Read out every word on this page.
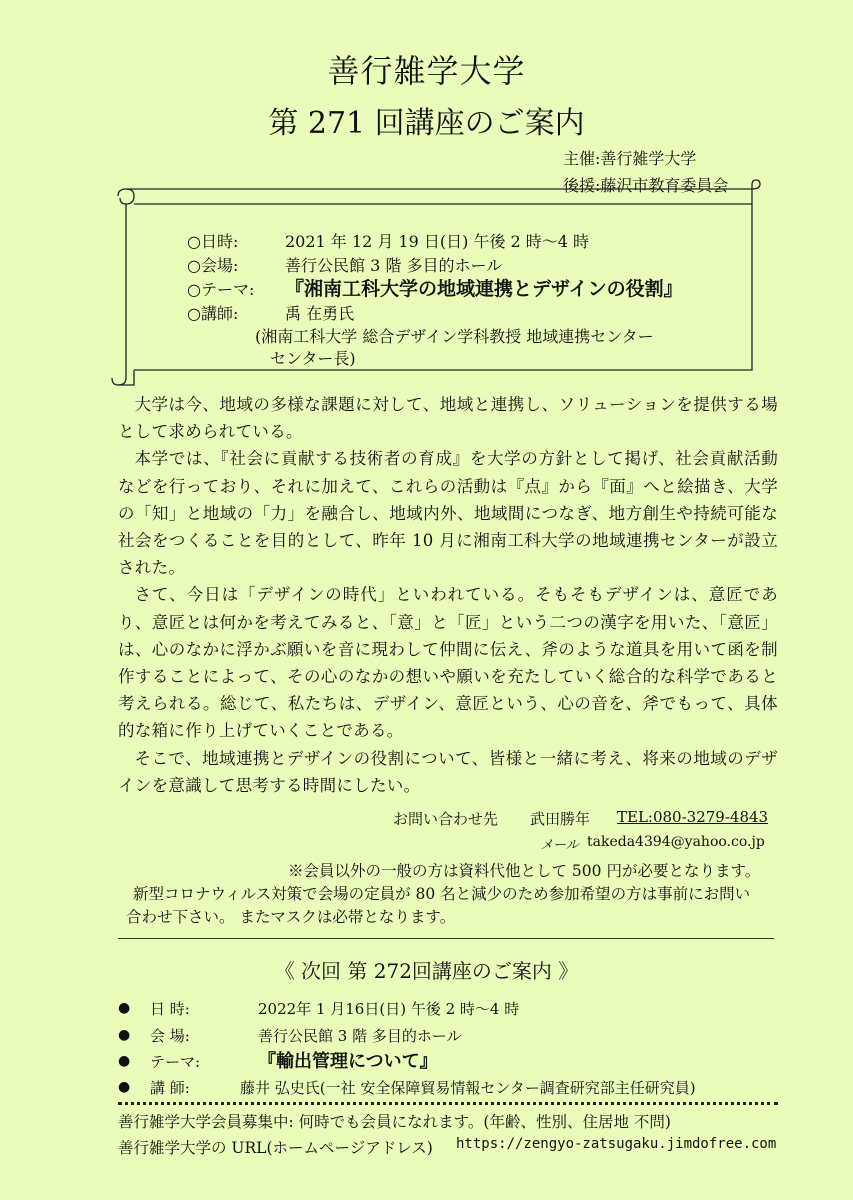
善行雑学大学
第 271 回講座のご案内
主催:善行雑学大学
後援:藤沢市教育委員会
○日時:	2021 年 12 月 19 日(日) 午後 2 時〜4 時
○会場:	善行公民館 3 階 多目的ホール
○テーマ: 『湘南工科大学の地域連携とデザインの役割』
○講師:	禹 在勇氏
(湘南工科大学 総合デザイン学科教授 地域連携センター
センター長)

大学は今、地域の多様な課題に対して、地域と連携し、ソリューションを提供する場として求められている。

本学では、『社会に貢献する技術者の育成』を大学の方針として掲げ、社会貢献活動などを行っており、それに加えて、これらの活動は『点』から『面』へと絵描き、大学の「知」と地域の「力」を融合し、地域内外、地域間につなぎ、地方創生や持続可能な社会をつくることを目的として、昨年 10 月に湘南工科大学の地域連携センターが設立された。

さて、今日は「デザインの時代」といわれている。そもそもデザインは、意匠であり、意匠とは何かを考えてみると、「意」と「匠」という二つの漢字を用いた、「意匠」は、心のなかに浮かぶ願いを音に現わして仲間に伝え、斧のような道具を用いて函を制作することによって、その心のなかの想いや願いを充たしていく総合的な科学であると考えられる。総じて、私たちは、デザイン、意匠という、心の音を、斧でもって、具体的な箱に作り上げていくことである。

そこで、地域連携とデザインの役割について、皆様と一緒に考え、将来の地域のデザインを意識して思考する時間にしたい。

お問い合わせ先 武田勝年 TEL:080-3279-4843
メール takeda4394@yahoo.co.jp
※会員以外の一般の方は資料代他として 500 円が必要となります。
新型コロナウィルス対策で会場の定員が 80 名と減少のため参加希望の方は事前にお問い
合わせ下さい。 またマスクは必帯となります。
《 次回 第 272回講座のご案内 》
● 日 時:	2022年 1 月16日(日) 午後 2 時〜4 時
● 会 場:	善行公民館 3 階 多目的ホール
● テーマ:	『輸出管理について』
● 講 師:	藤井 弘史氏(一社 安全保障貿易情報センター調査研究部主任研究員)
善行雑学大学会員募集中: 何時でも会員になれます。(年齢、性別、住居地 不問)
善行雑学大学の URL(ホームページアドレス) https://zengyo-zatsugaku.jimdofree.com
